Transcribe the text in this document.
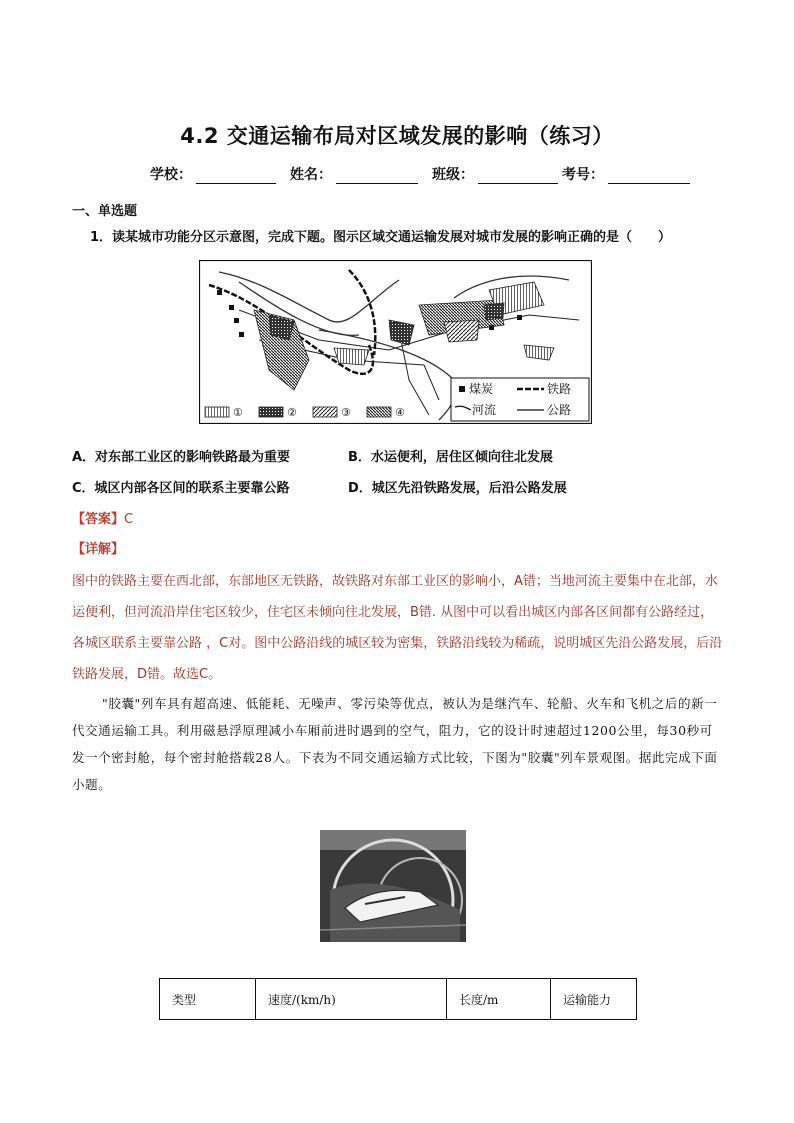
4.2 交通运输布局对区域发展的影响（练习）
学校：	姓名：	班级：	考号：
一、单选题
1．读某城市功能分区示意图，完成下题。图示区域交通运输发展对城市发展的影响正确的是（　　）
①	②	③	④
煤炭	铁路
河流	公路
A．对东部工业区的影响铁路最为重要	B．水运便利，居住区倾向往北发展
C．城区内部各区间的联系主要靠公路	D．城区先沿铁路发展，后沿公路发展
【答案】C
【详解】
图中的铁路主要在西北部，东部地区无铁路，故铁路对东部工业区的影响小，A错；当地河流主要集中在北部，水运便利，但河流沿岸住宅区较少，住宅区未倾向往北发展，B错. 从图中可以看出城区内部各区间都有公路经过，各城区联系主要靠公路 ，C对。图中公路沿线的城区较为密集，铁路沿线较为稀疏，说明城区先沿公路发展，后沿铁路发展，D错。故选C。
"胶囊"列车具有超高速、低能耗、无噪声、零污染等优点，被认为是继汽车、轮船、火车和飞机之后的新一代交通运输工具。利用磁悬浮原理减小车厢前进时遇到的空气，阻力，它的设计时速超过1200公里，每30秒可发一个密封舱，每个密封舱搭载28人。下表为不同交通运输方式比较，下图为"胶囊"列车景观图。据此完成下面小题。
类型	速度/(km/h)	长度/m	运输能力
